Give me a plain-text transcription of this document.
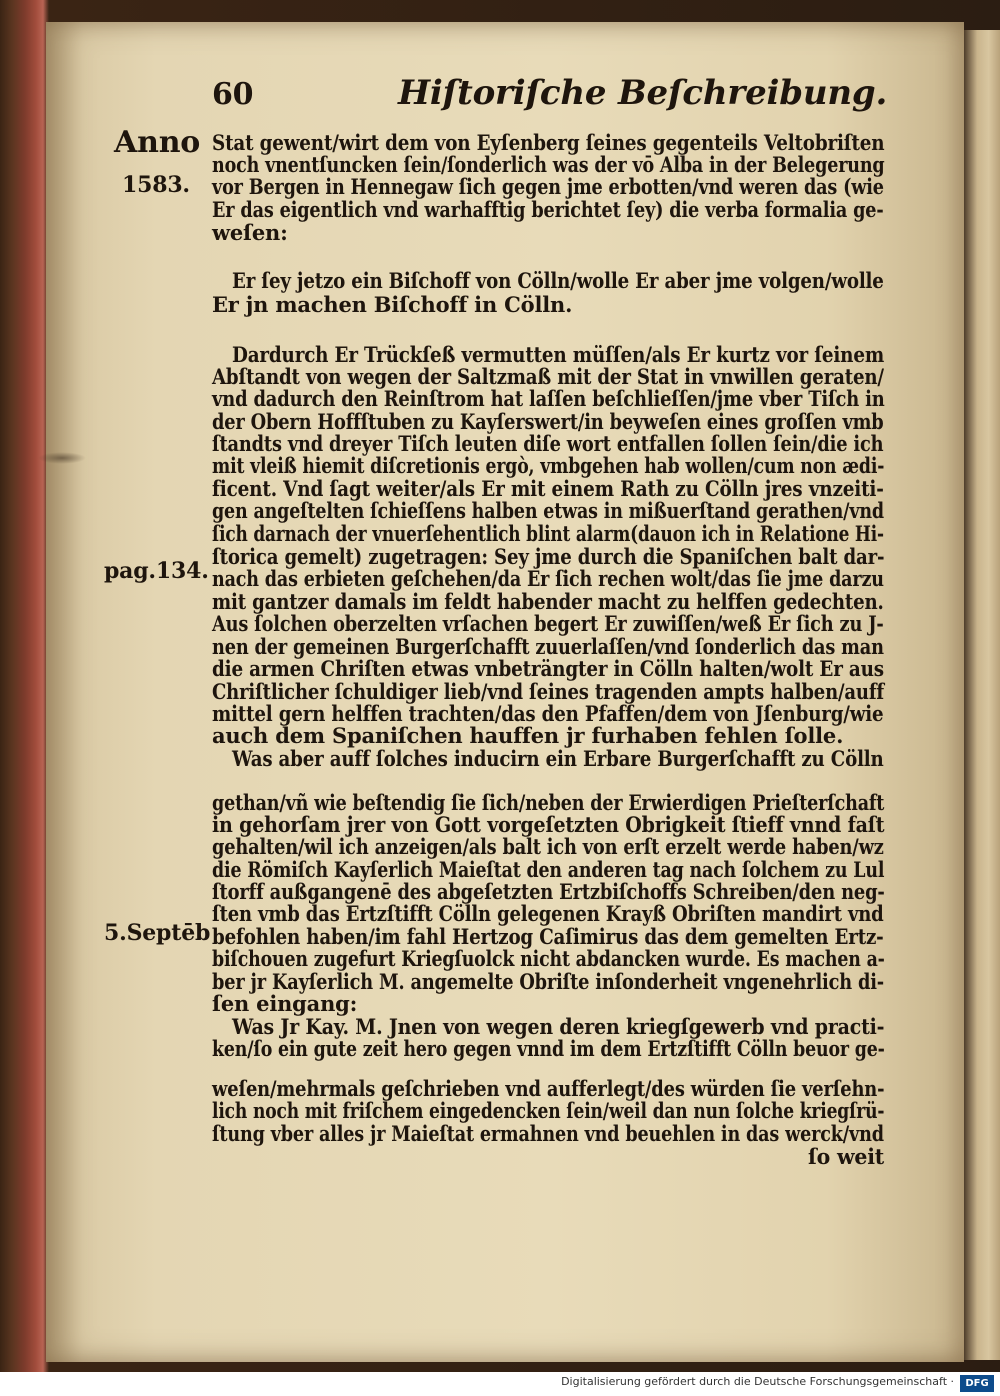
60	Hiſtoriſche Beſchreibung.
Anno
1583.
pag.134.
5.Septēb
Stat gewent/wirt dem von Eyſenberg ſeines gegenteils Veltobriſten
noch vnentſuncken ſein/ſonderlich was der vō Alba in der Belegerung
vor Bergen in Hennegaw ſich gegen jme erbotten/vnd weren das (wie
Er das eigentlich vnd warhafftig berichtet ſey) die verba formalia ge-
weſen:
Er ſey jetzo ein Biſchoff von Cölln/wolle Er aber jme volgen/wolle
Er jn machen Biſchoff in Cölln.
Dardurch Er Trückſeß vermutten müſſen/als Er kurtz vor ſeinem
Abſtandt von wegen der Saltzmaß mit der Stat in vnwillen geraten/
vnd dadurch den Reinſtrom hat laſſen beſchlieſſen/jme vber Tiſch in
der Obern Hoffſtuben zu Kayſerswert/in beyweſen eines groſſen vmb
ſtandts vnd dreyer Tiſch leuten diſe wort entfallen ſollen ſein/die ich
mit vleiß hiemit diſcretionis ergò, vmbgehen hab wollen/cum non ædi-
ficent. Vnd ſagt weiter/als Er mit einem Rath zu Cölln jres vnzeiti-
gen angeſtelten ſchieſſens halben etwas in mißuerſtand gerathen/vnd
ſich darnach der vnuerſehentlich blint alarm(dauon ich in Relatione Hi-
ſtorica gemelt) zugetragen: Sey jme durch die Spaniſchen balt dar-
nach das erbieten geſchehen/da Er ſich rechen wolt/das ſie jme darzu
mit gantzer damals im feldt habender macht zu helffen gedechten.
Aus ſolchen oberzelten vrſachen begert Er zuwiſſen/weß Er ſich zu J-
nen der gemeinen Burgerſchafft zuuerlaſſen/vnd ſonderlich das man
die armen Chriſten etwas vnbeträngter in Cölln halten/wolt Er aus
Chriſtlicher ſchuldiger lieb/vnd ſeines tragenden ampts halben/auff
mittel gern helffen trachten/das den Pfaffen/dem von Jſenburg/wie
auch dem Spaniſchen hauffen jr furhaben fehlen ſolle.
Was aber auff ſolches inducirn ein Erbare Burgerſchafft zu Cölln
gethan/vñ wie beſtendig ſie ſich/neben der Erwierdigen Prieſterſchaft
in gehorſam jrer von Gott vorgeſetzten Obrigkeit ſtieff vnnd faſt
gehalten/wil ich anzeigen/als balt ich von erſt erzelt werde haben/wz
die Römiſch Kayſerlich Maieſtat den anderen tag nach ſolchem zu Lul
ſtorff außgangenē des abgeſetzten Ertzbiſchoffs Schreiben/den neg-
ſten vmb das Ertzſtifft Cölln gelegenen Krayß Obriſten mandirt vnd
befohlen haben/im fahl Hertzog Caſimirus das dem gemelten Ertz-
biſchouen zugefurt Kriegſuolck nicht abdancken wurde. Es machen a-
ber jr Kayſerlich M. angemelte Obriſte inſonderheit vngenehrlich di-
ſen eingang:
Was Jr Kay. M. Jnen von wegen deren kriegſgewerb vnd practi-
ken/ſo ein gute zeit hero gegen vnnd im dem Ertzſtifft Cölln beuor ge-
weſen/mehrmals geſchrieben vnd aufferlegt/des würden ſie verſehn-
lich noch mit friſchem eingedencken ſein/weil dan nun ſolche kriegſrü-
ſtung vber alles jr Maieſtat ermahnen vnd beuehlen in das werck/vnd
ſo weit
Digitalisierung gefördert durch die Deutsche Forschungsgemeinschaft ·	DFG
